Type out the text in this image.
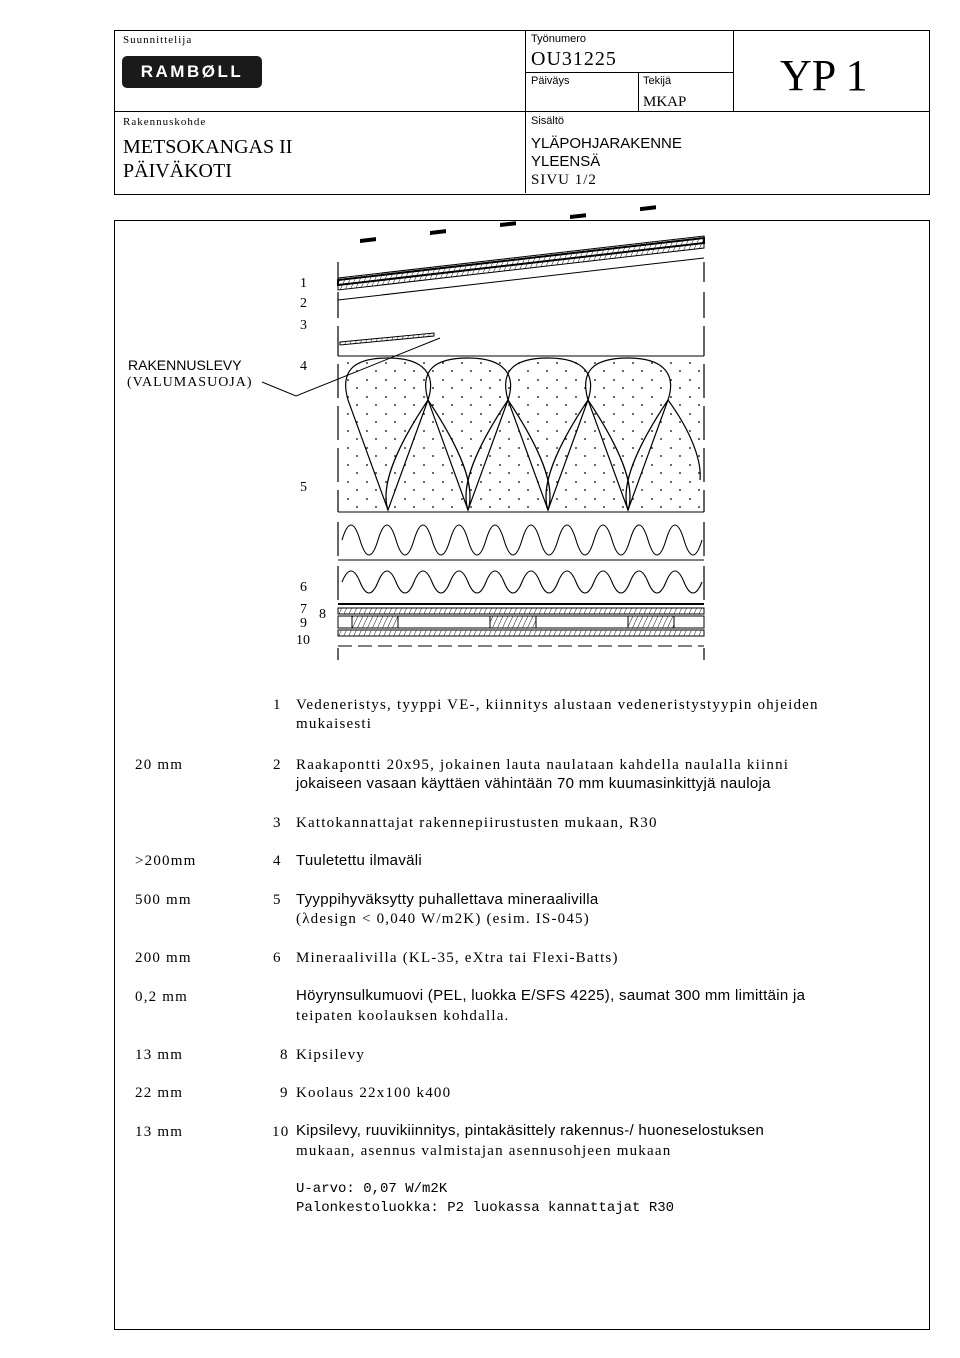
Suunnittelija
RAMBØLL
Rakennuskohde
METSOKANGAS II
PÄIVÄKOTI
Työnumero
OU31225
Päiväys	Tekijä
MKAP
Sisältö
YLÄPOHJARAKENNE
YLEENSÄ
SIVU 1/2
YP 1
RAKENNUSLEVY
(VALUMASUOJA)
1
2
3
4
5
6
7 8
9
10
1 Vedeneristys, tyyppi VE-, kiinnitys alustaan vedeneristystyypin ohjeiden
mukaisesti
20 mm	2 Raakapontti 20x95, jokainen lauta naulataan kahdella naulalla kiinni
jokaiseen vasaan käyttäen vähintään 70 mm kuumasinkittyjä nauloja
3 Kattokannattajat rakennepiirustusten mukaan, R30
>200mm	4 Tuuletettu ilmaväli
500 mm	5 Tyyppihyväksytty puhallettava mineraalivilla
(λdesign < 0,040 W/m2K) (esim. IS-045)
200 mm	6 Mineraalivilla (KL-35, eXtra tai Flexi-Batts)
0,2 mm	Höyrynsulkumuovi (PEL, luokka E/SFS 4225), saumat 300 mm limittäin ja
teipaten koolauksen kohdalla.
13 mm	8 Kipsilevy
22 mm	9 Koolaus 22x100 k400
13 mm	10 Kipsilevy, ruuvikiinnitys, pintakäsittely rakennus-/ huoneselostuksen
mukaan, asennus valmistajan asennusohjeen mukaan
U-arvo: 0,07 W/m2K
Palonkestoluokka: P2 luokassa kannattajat R30
